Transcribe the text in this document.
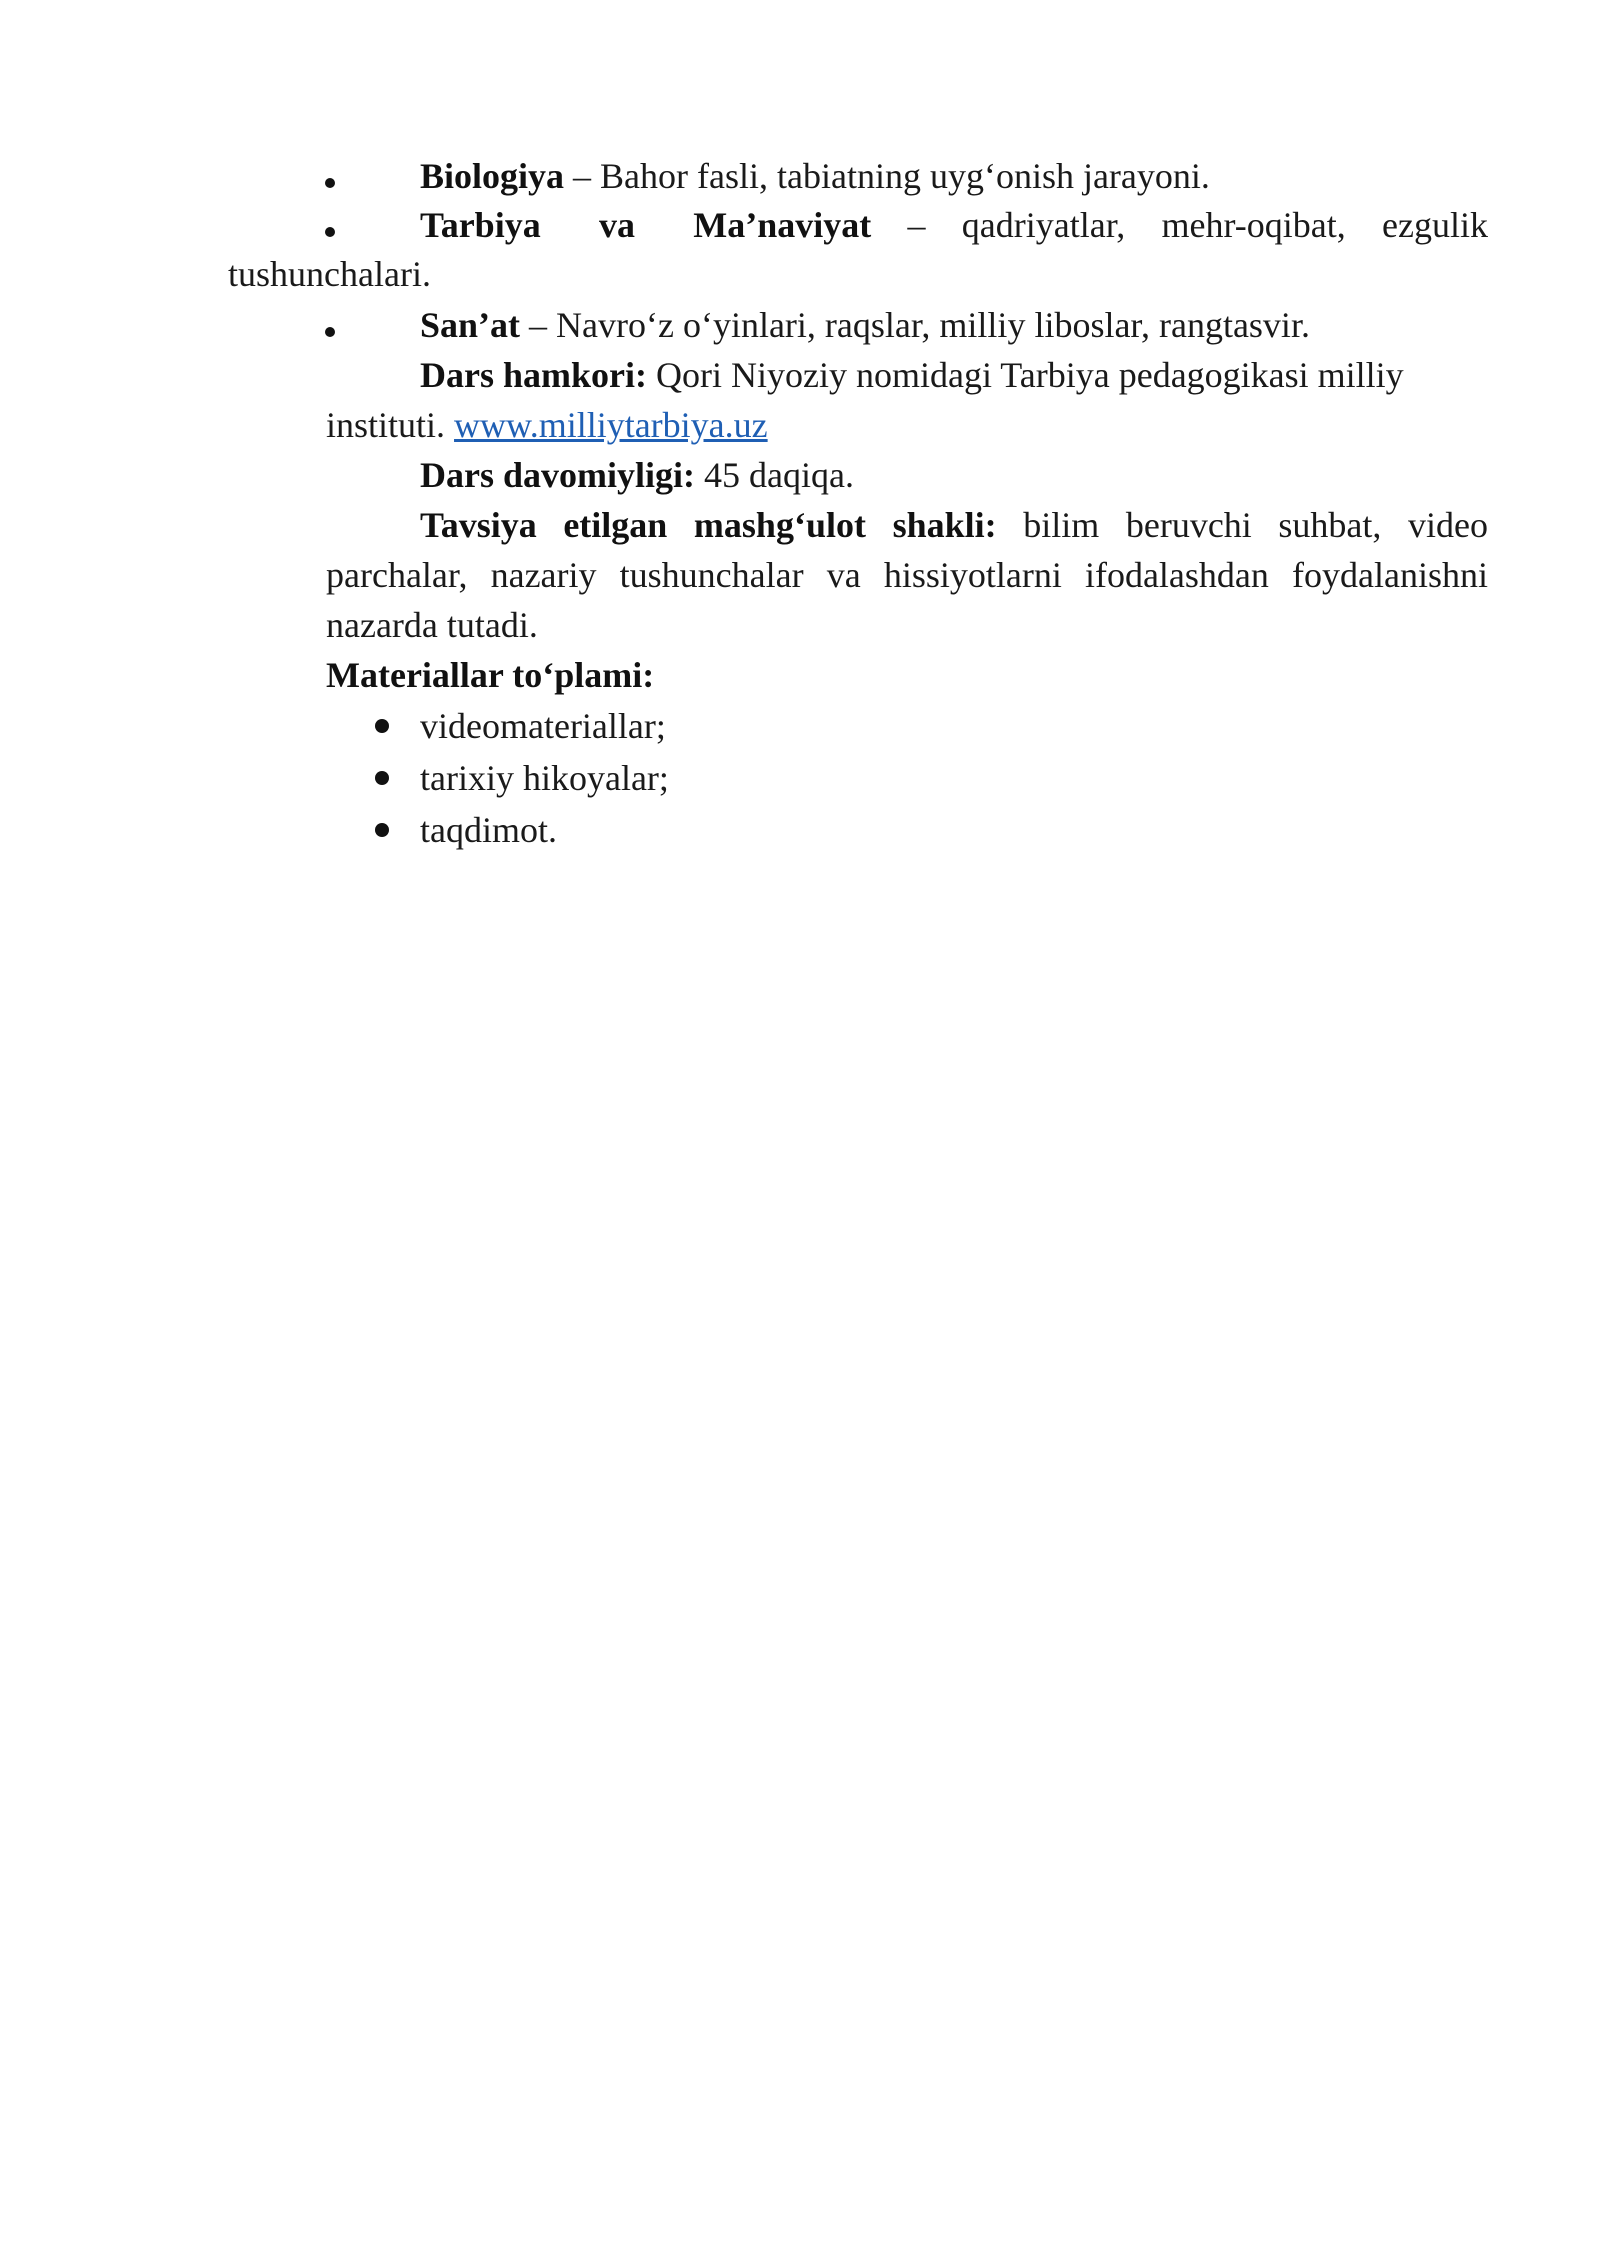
Biologiya – Bahor fasli, tabiatning uyg‘onish jarayoni.
Tarbiya va Ma’naviyat – qadriyatlar, mehr-oqibat, ezgulik
tushunchalari.
San’at – Navro‘z o‘yinlari, raqslar, milliy liboslar, rangtasvir.
Dars hamkori: Qori Niyoziy nomidagi Tarbiya pedagogikasi milliy
instituti. www.milliytarbiya.uz
Dars davomiyligi: 45 daqiqa.
Tavsiya etilgan mashg‘ulot shakli: bilim beruvchi suhbat, video
parchalar, nazariy tushunchalar va hissiyotlarni ifodalashdan foydalanishni
nazarda tutadi.
Materiallar to‘plami:
videomateriallar;
tarixiy hikoyalar;
taqdimot.
